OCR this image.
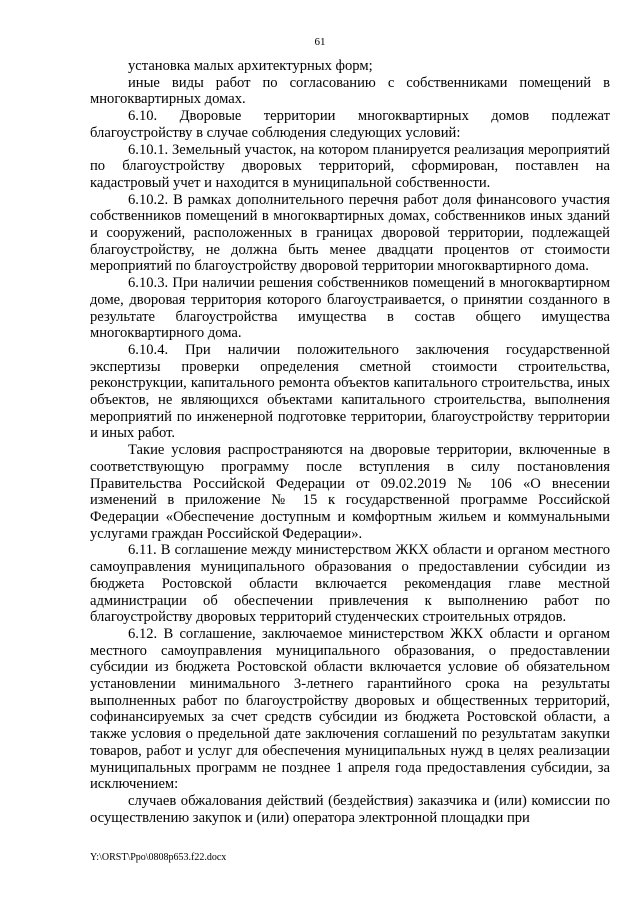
61

установка малых архитектурных форм;

иные виды работ по согласованию с собственниками помещений в многоквартирных домах.

6.10. Дворовые территории многоквартирных домов подлежат благоустройству в случае соблюдения следующих условий:

6.10.1. Земельный участок, на котором планируется реализация мероприятий по благоустройству дворовых территорий, сформирован, поставлен на кадастровый учет и находится в муниципальной собственности.

6.10.2. В рамках дополнительного перечня работ доля финансового участия собственников помещений в многоквартирных домах, собственников иных зданий и сооружений, расположенных в границах дворовой территории, подлежащей благоустройству, не должна быть менее двадцати процентов от стоимости мероприятий по благоустройству дворовой территории многоквартирного дома.

6.10.3. При наличии решения собственников помещений в многоквартирном доме, дворовая территория которого благоустраивается, о принятии созданного в результате благоустройства имущества в состав общего имущества многоквартирного дома.

6.10.4. При наличии положительного заключения государственной экспертизы проверки определения сметной стоимости строительства, реконструкции, капитального ремонта объектов капитального строительства, иных объектов, не являющихся объектами капитального строительства, выполнения мероприятий по инженерной подготовке территории, благоустройству территории и иных работ.

Такие условия распространяются на дворовые территории, включенные в соответствующую программу после вступления в силу постановления Правительства Российской Федерации от 09.02.2019 № 106 «О внесении изменений в приложение № 15 к государственной программе Российской Федерации «Обеспечение доступным и комфортным жильем и коммунальными услугами граждан Российской Федерации».

6.11. В соглашение между министерством ЖКХ области и органом местного самоуправления муниципального образования о предоставлении субсидии из бюджета Ростовской области включается рекомендация главе местной администрации об обеспечении привлечения к выполнению работ по благоустройству дворовых территорий студенческих строительных отрядов.

6.12. В соглашение, заключаемое министерством ЖКХ области и органом местного самоуправления муниципального образования, о предоставлении субсидии из бюджета Ростовской области включается условие об обязательном установлении минимального 3-летнего гарантийного срока на результаты выполненных работ по благоустройству дворовых и общественных территорий, софинансируемых за счет средств субсидии из бюджета Ростовской области, а также условия о предельной дате заключения соглашений по результатам закупки товаров, работ и услуг для обеспечения муниципальных нужд в целях реализации муниципальных программ не позднее 1 апреля года предоставления субсидии, за исключением:

случаев обжалования действий (бездействия) заказчика и (или) комиссии по осуществлению закупок и (или) оператора электронной площадки при

Y:\ORST\Ppo\0808p653.f22.docx
